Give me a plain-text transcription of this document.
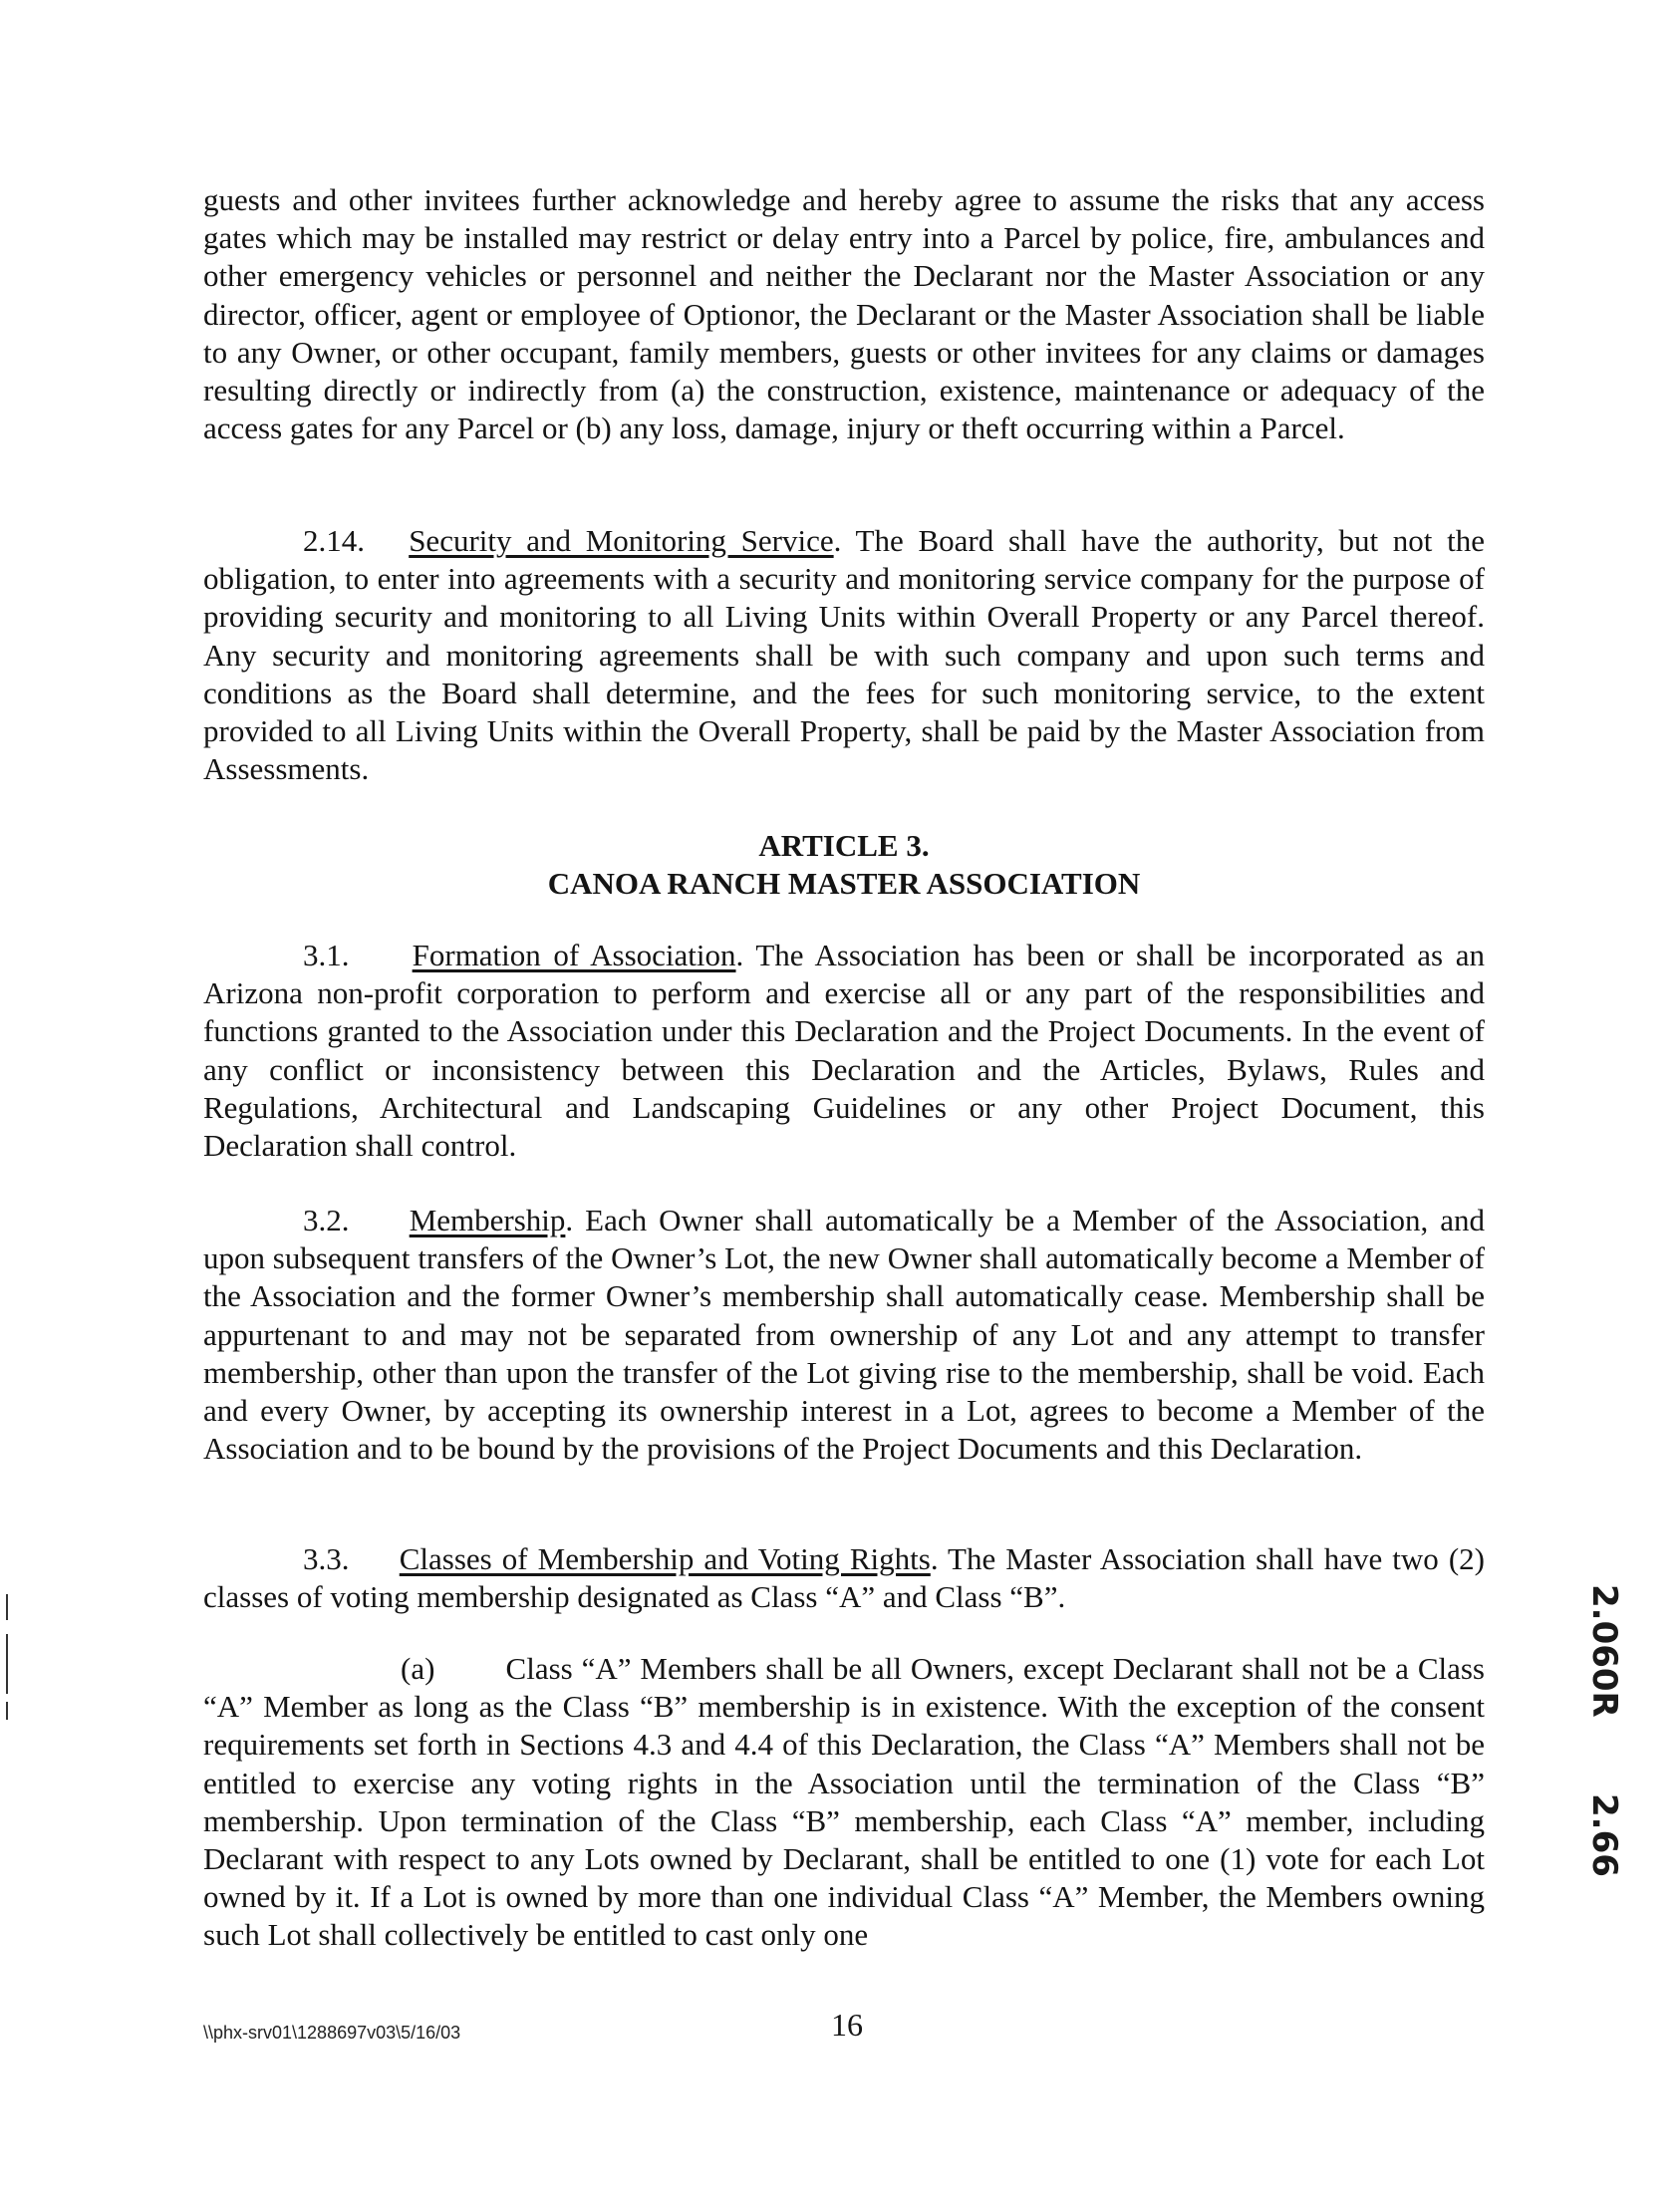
guests and other invitees further acknowledge and hereby agree to assume the risks that any access gates which may be installed may restrict or delay entry into a Parcel by police, fire, ambulances and other emergency vehicles or personnel and neither the Declarant nor the Master Association or any director, officer, agent or employee of Optionor, the Declarant or the Master Association shall be liable to any Owner, or other occupant, family members, guests or other invitees for any claims or damages resulting directly or indirectly from (a) the construction, existence, maintenance or adequacy of the access gates for any Parcel or (b) any loss, damage, injury or theft occurring within a Parcel.

2.14. Security and Monitoring Service. The Board shall have the authority, but not the obligation, to enter into agreements with a security and monitoring service company for the purpose of providing security and monitoring to all Living Units within Overall Property or any Parcel thereof. Any security and monitoring agreements shall be with such company and upon such terms and conditions as the Board shall determine, and the fees for such monitoring service, to the extent provided to all Living Units within the Overall Property, shall be paid by the Master Association from Assessments.

ARTICLE 3.

CANOA RANCH MASTER ASSOCIATION

3.1. Formation of Association. The Association has been or shall be incorporated as an Arizona non-profit corporation to perform and exercise all or any part of the responsibilities and functions granted to the Association under this Declaration and the Project Documents. In the event of any conflict or inconsistency between this Declaration and the Articles, Bylaws, Rules and Regulations, Architectural and Landscaping Guidelines or any other Project Document, this Declaration shall control.

3.2. Membership. Each Owner shall automatically be a Member of the Association, and upon subsequent transfers of the Owner’s Lot, the new Owner shall automatically become a Member of the Association and the former Owner’s membership shall automatically cease. Membership shall be appurtenant to and may not be separated from ownership of any Lot and any attempt to transfer membership, other than upon the transfer of the Lot giving rise to the membership, shall be void. Each and every Owner, by accepting its ownership interest in a Lot, agrees to become a Member of the Association and to be bound by the provisions of the Project Documents and this Declaration.

3.3. Classes of Membership and Voting Rights. The Master Association shall have two (2) classes of voting membership designated as Class “A” and Class “B”.

(a) Class “A” Members shall be all Owners, except Declarant shall not be a Class “A” Member as long as the Class “B” membership is in existence. With the exception of the consent requirements set forth in Sections 4.3 and 4.4 of this Declaration, the Class “A” Members shall not be entitled to exercise any voting rights in the Association until the termination of the Class “B” membership. Upon termination of the Class “B” membership, each Class “A” member, including Declarant with respect to any Lots owned by Declarant, shall be entitled to one (1) vote for each Lot owned by it. If a Lot is owned by more than one individual Class “A” Member, the Members owning such Lot shall collectively be entitled to cast only one

\\phx-srv01\1288697v03\5/16/03	16
2.060R
2.66
